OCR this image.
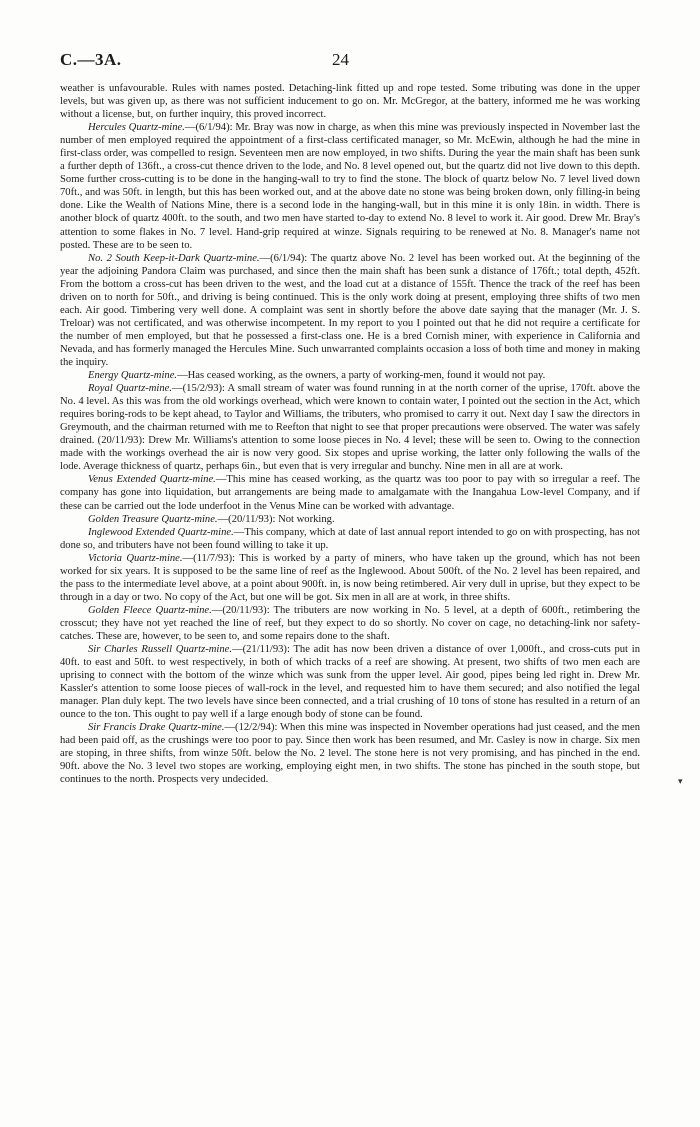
C.—3A.	24

weather is unfavourable. Rules with names posted. Detaching-link fitted up and rope tested. Some tributing was done in the upper levels, but was given up, as there was not sufficient inducement to go on. Mr. McGregor, at the battery, informed me he was working without a license, but, on further inquiry, this proved incorrect.

Hercules Quartz-mine.—(6/1/94): Mr. Bray was now in charge, as when this mine was previously inspected in November last the number of men employed required the appointment of a first-class certificated manager, so Mr. McEwin, although he had the mine in first-class order, was compelled to resign. Seventeen men are now employed, in two shifts. During the year the main shaft has been sunk a further depth of 136ft., a cross-cut thence driven to the lode, and No. 8 level opened out, but the quartz did not live down to this depth. Some further cross-cutting is to be done in the hanging-wall to try to find the stone. The block of quartz below No. 7 level lived down 70ft., and was 50ft. in length, but this has been worked out, and at the above date no stone was being broken down, only filling-in being done. Like the Wealth of Nations Mine, there is a second lode in the hanging-wall, but in this mine it is only 18in. in width. There is another block of quartz 400ft. to the south, and two men have started to-day to extend No. 8 level to work it. Air good. Drew Mr. Bray's attention to some flakes in No. 7 level. Hand-grip required at winze. Signals requiring to be renewed at No. 8. Manager's name not posted. These are to be seen to.

No. 2 South Keep-it-Dark Quartz-mine.—(6/1/94): The quartz above No. 2 level has been worked out. At the beginning of the year the adjoining Pandora Claim was purchased, and since then the main shaft has been sunk a distance of 176ft.; total depth, 452ft. From the bottom a cross-cut has been driven to the west, and the load cut at a distance of 155ft. Thence the track of the reef has been driven on to north for 50ft., and driving is being continued. This is the only work doing at present, employing three shifts of two men each. Air good. Timbering very well done. A complaint was sent in shortly before the above date saying that the manager (Mr. J. S. Treloar) was not certificated, and was otherwise incompetent. In my report to you I pointed out that he did not require a certificate for the number of men employed, but that he possessed a first-class one. He is a bred Cornish miner, with experience in California and Nevada, and has formerly managed the Hercules Mine. Such unwarranted complaints occasion a loss of both time and money in making the inquiry.

Energy Quartz-mine.—Has ceased working, as the owners, a party of working-men, found it would not pay.

Royal Quartz-mine.—(15/2/93): A small stream of water was found running in at the north corner of the uprise, 170ft. above the No. 4 level. As this was from the old workings overhead, which were known to contain water, I pointed out the section in the Act, which requires boring-rods to be kept ahead, to Taylor and Williams, the tributers, who promised to carry it out. Next day I saw the directors in Greymouth, and the chairman returned with me to Reefton that night to see that proper precautions were observed. The water was safely drained. (20/11/93): Drew Mr. Williams's attention to some loose pieces in No. 4 level; these will be seen to. Owing to the connection made with the workings overhead the air is now very good. Six stopes and uprise working, the latter only following the walls of the lode. Average thickness of quartz, perhaps 6in., but even that is very irregular and bunchy. Nine men in all are at work.

Venus Extended Quartz-mine.—This mine has ceased working, as the quartz was too poor to pay with so irregular a reef. The company has gone into liquidation, but arrangements are being made to amalgamate with the Inangahua Low-level Company, and if these can be carried out the lode underfoot in the Venus Mine can be worked with advantage.

Golden Treasure Quartz-mine.—(20/11/93): Not working.

Inglewood Extended Quartz-mine.—This company, which at date of last annual report intended to go on with prospecting, has not done so, and tributers have not been found willing to take it up.

Victoria Quartz-mine.—(11/7/93): This is worked by a party of miners, who have taken up the ground, which has not been worked for six years. It is supposed to be the same line of reef as the Inglewood. About 500ft. of the No. 2 level has been repaired, and the pass to the intermediate level above, at a point about 900ft. in, is now being retimbered. Air very dull in uprise, but they expect to be through in a day or two. No copy of the Act, but one will be got. Six men in all are at work, in three shifts.

Golden Fleece Quartz-mine.—(20/11/93): The tributers are now working in No. 5 level, at a depth of 600ft., retimbering the crosscut; they have not yet reached the line of reef, but they expect to do so shortly. No cover on cage, no detaching-link nor safety-catches. These are, however, to be seen to, and some repairs done to the shaft.

Sir Charles Russell Quartz-mine.—(21/11/93): The adit has now been driven a distance of over 1,000ft., and cross-cuts put in 40ft. to east and 50ft. to west respectively, in both of which tracks of a reef are showing. At present, two shifts of two men each are uprising to connect with the bottom of the winze which was sunk from the upper level. Air good, pipes being led right in. Drew Mr. Kassler's attention to some loose pieces of wall-rock in the level, and requested him to have them secured; and also notified the legal manager. Plan duly kept. The two levels have since been connected, and a trial crushing of 10 tons of stone has resulted in a return of an ounce to the ton. This ought to pay well if a large enough body of stone can be found.

Sir Francis Drake Quartz-mine.—(12/2/94): When this mine was inspected in November operations had just ceased, and the men had been paid off, as the crushings were too poor to pay. Since then work has been resumed, and Mr. Casley is now in charge. Six men are stoping, in three shifts, from winze 50ft. below the No. 2 level. The stone here is not very promising, and has pinched in the end. 90ft. above the No. 3 level two stopes are working, employing eight men, in two shifts. The stone has pinched in the south stope, but continues to the north. Prospects very undecided.	▾
